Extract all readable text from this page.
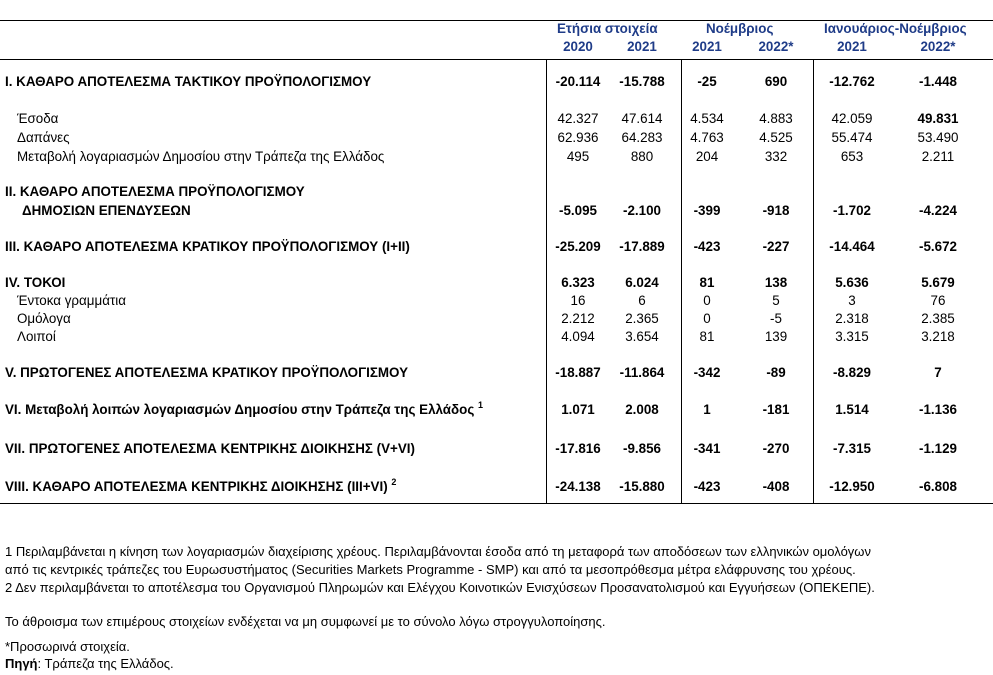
Ετήσια στοιχεία	Νοέμβριος	Ιανουάριος-Νοέμβριος
2020	2021	2021	2022*	2021	2022*
I. ΚΑΘΑΡΟ ΑΠΟΤΕΛΕΣΜΑ ΤΑΚΤΙΚΟΥ ΠΡΟΫΠΟΛΟΓΙΣΜΟΥ	-20.114	-15.788	-25	690	-12.762	-1.448
Έσοδα	42.327	47.614	4.534	4.883	42.059	49.831
Δαπάνες	62.936	64.283	4.763	4.525	55.474	53.490
Μεταβολή λογαριασμών Δημοσίου στην Τράπεζα της Ελλάδος	495	880	204	332	653	2.211
II. ΚΑΘΑΡΟ ΑΠΟΤΕΛΕΣΜΑ ΠΡΟΫΠΟΛΟΓΙΣΜΟΥ
ΔΗΜΟΣΙΩΝ ΕΠΕΝΔΥΣΕΩΝ	-5.095	-2.100	-399	-918	-1.702	-4.224
III. ΚΑΘΑΡΟ ΑΠΟΤΕΛΕΣΜΑ ΚΡΑΤΙΚΟΥ ΠΡΟΫΠΟΛΟΓΙΣΜΟΥ (I+II)	-25.209	-17.889	-423	-227	-14.464	-5.672
IV. ΤΟΚΟΙ	6.323	6.024	81	138	5.636	5.679
Έντοκα γραμμάτια	16	6	0	5	3	76
Ομόλογα	2.212	2.365	0	-5	2.318	2.385
Λοιποί	4.094	3.654	81	139	3.315	3.218
V. ΠΡΩΤΟΓΕΝΕΣ ΑΠΟΤΕΛΕΣΜΑ ΚΡΑΤΙΚΟΥ ΠΡΟΫΠΟΛΟΓΙΣΜΟΥ	-18.887	-11.864	-342	-89	-8.829	7
VI. Μεταβολή λοιπών λογαριασμών Δημοσίου στην Τράπεζα της Ελλάδος $^1$	1.071	2.008	1	-181	1.514	-1.136
VII. ΠΡΩΤΟΓΕΝΕΣ ΑΠΟΤΕΛΕΣΜΑ ΚΕΝΤΡΙΚΗΣ ΔΙΟΙΚΗΣΗΣ (V+VI)	-17.816	-9.856	-341	-270	-7.315	-1.129
VIII. ΚΑΘΑΡΟ ΑΠΟΤΕΛΕΣΜΑ ΚΕΝΤΡΙΚΗΣ ΔΙΟΙΚΗΣΗΣ (III+VI) $^2$	-24.138	-15.880	-423	-408	-12.950	-6.808
1 Περιλαμβάνεται η κίνηση των λογαριασμών διαχείρισης χρέους. Περιλαμβάνονται έσοδα από τη μεταφορά των αποδόσεων των ελληνικών ομολόγων
από τις κεντρικές τράπεζες του Ευρωσυστήματος (Securities Markets Programme - SMP) και από τα μεσοπρόθεσμα μέτρα ελάφρυνσης του χρέους.
2 Δεν περιλαμβάνεται το αποτέλεσμα του Οργανισμού Πληρωμών και Ελέγχου Κοινοτικών Ενισχύσεων Προσανατολισμού και Εγγυήσεων (ΟΠΕΚΕΠΕ).
Το άθροισμα των επιμέρους στοιχείων ενδέχεται να μη συμφωνεί με το σύνολο λόγω στρογγυλοποίησης.
*Προσωρινά στοιχεία.
Πηγή: Τράπεζα της Ελλάδος.
